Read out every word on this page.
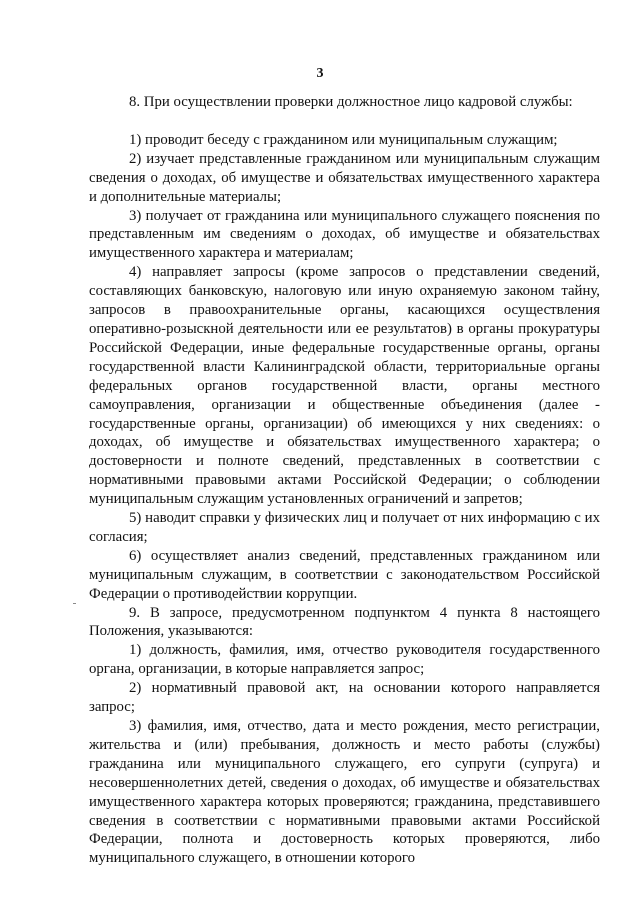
3

8. При осуществлении проверки должностное лицо кадровой службы:

1) проводит беседу с гражданином или муниципальным служащим;

2) изучает представленные гражданином или муниципальным служащим сведения о доходах, об имуществе и обязательствах имущественного характера и дополнительные материалы;

3) получает от гражданина или муниципального служащего пояснения по представленным им сведениям о доходах, об имуществе и обязательствах имущественного характера и материалам;

4) направляет запросы (кроме запросов о представлении сведений, составляющих банковскую, налоговую или иную охраняемую законом тайну, запросов в правоохранительные органы, касающихся осуществления оперативно-розыскной деятельности или ее результатов) в органы прокуратуры Российской Федерации, иные федеральные государственные органы, органы государственной власти Калининградской области, территориальные органы федеральных органов государственной власти, органы местного самоуправления, организации и общественные объединения (далее - государственные органы, организации) об имеющихся у них сведениях: о доходах, об имуществе и обязательствах имущественного характера; о достоверности и полноте сведений, представленных в соответствии с нормативными правовыми актами Российской Федерации; о соблюдении муниципальным служащим установленных ограничений и запретов;

5) наводит справки у физических лиц и получает от них информацию с их согласия;

6) осуществляет анализ сведений, представленных гражданином или муниципальным служащим, в соответствии с законодательством Российской Федерации о противодействии коррупции.

9. В запросе, предусмотренном подпунктом 4 пункта 8 настоящего Положения, указываются:

1) должность, фамилия, имя, отчество руководителя государственного органа, организации, в которые направляется запрос;

2) нормативный правовой акт, на основании которого направляется запрос;

3) фамилия, имя, отчество, дата и место рождения, место регистрации, жительства и (или) пребывания, должность и место работы (службы) гражданина или муниципального служащего, его супруги (супруга) и несовершеннолетних детей, сведения о доходах, об имуществе и обязательствах имущественного характера которых проверяются; гражданина, представившего сведения в соответствии с нормативными правовыми актами Российской Федерации, полнота и достоверность которых проверяются, либо муниципального служащего, в отношении которого
